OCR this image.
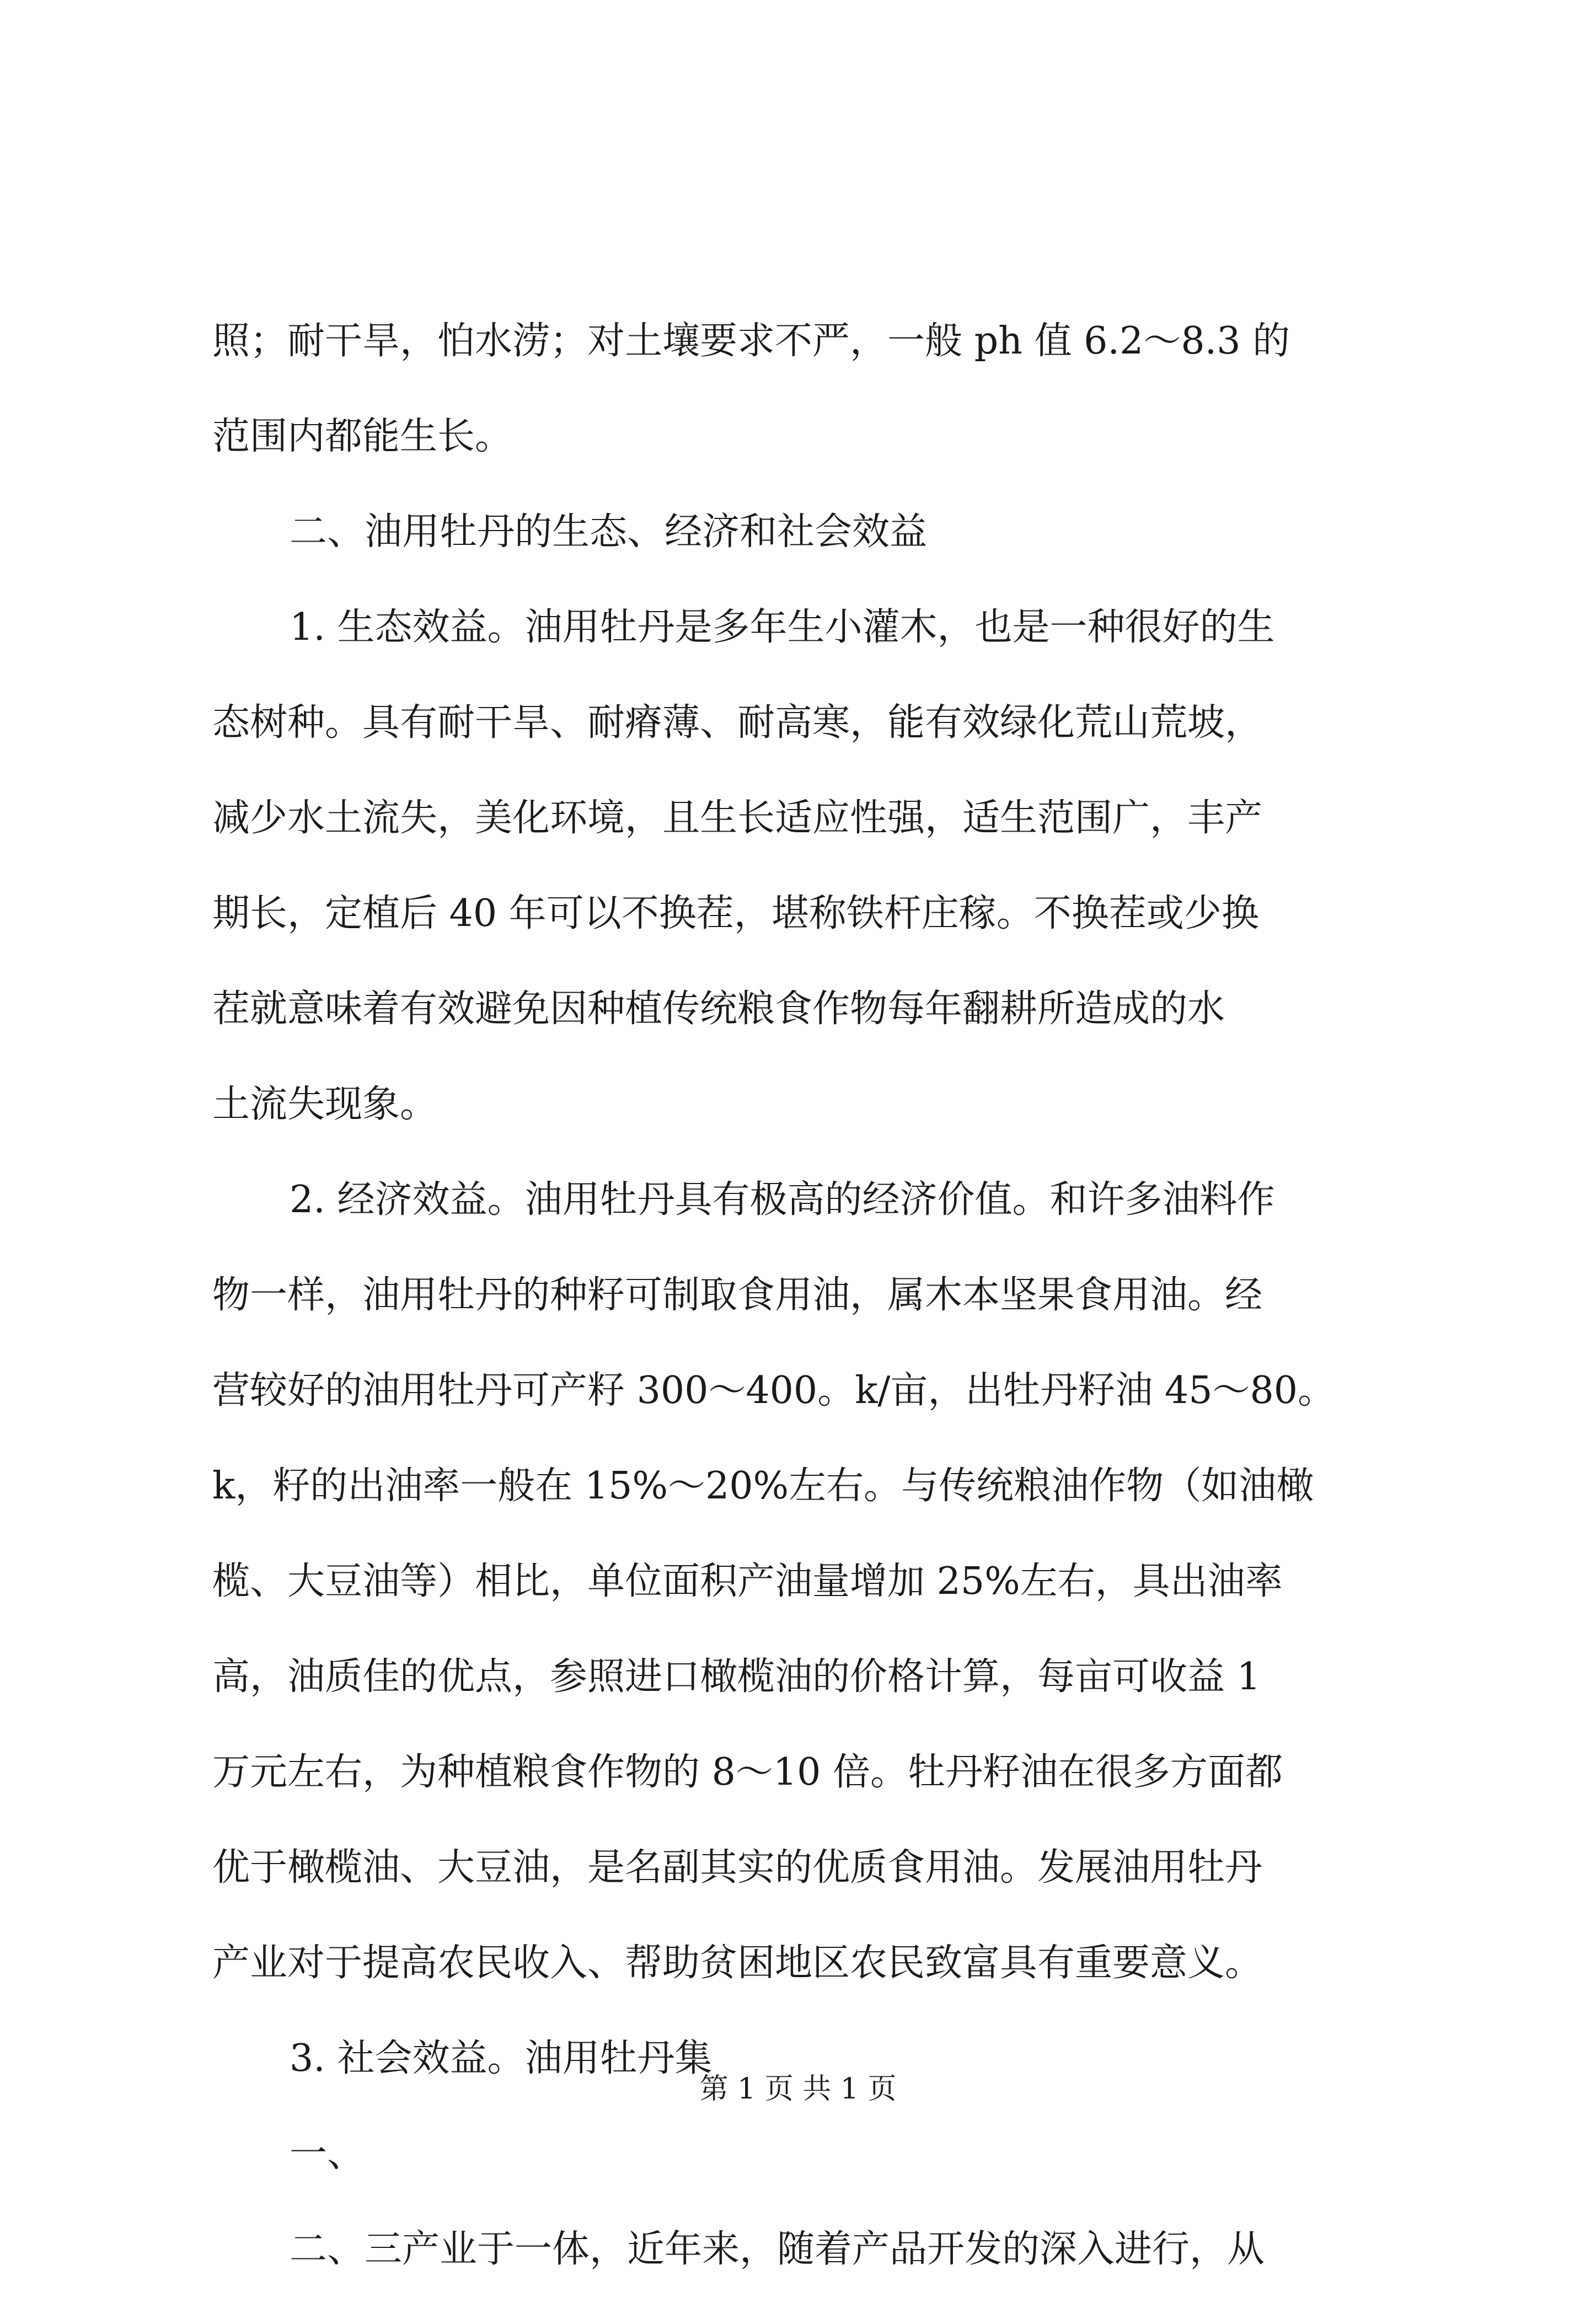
照；耐干旱，怕水涝；对土壤要求不严，一般 ph 值 6.2～8.3 的
范围内都能生长。
二、油用牡丹的生态、经济和社会效益
1. 生态效益。油用牡丹是多年生小灌木，也是一种很好的生
态树种。具有耐干旱、耐瘠薄、耐高寒，能有效绿化荒山荒坡，
减少水土流失，美化环境，且生长适应性强，适生范围广，丰产
期长，定植后 40 年可以不换茬，堪称铁杆庄稼。不换茬或少换
茬就意味着有效避免因种植传统粮食作物每年翻耕所造成的水
土流失现象。
2. 经济效益。油用牡丹具有极高的经济价值。和许多油料作
物一样，油用牡丹的种籽可制取食用油，属木本坚果食用油。经
营较好的油用牡丹可产籽 300～400。k/亩，出牡丹籽油 45～80。
k，籽的出油率一般在 15%～20%左右。与传统粮油作物（如油橄
榄、大豆油等）相比，单位面积产油量增加 25%左右，具出油率
高，油质佳的优点，参照进口橄榄油的价格计算，每亩可收益 1
万元左右，为种植粮食作物的 8～10 倍。牡丹籽油在很多方面都
优于橄榄油、大豆油，是名副其实的优质食用油。发展油用牡丹
产业对于提高农民收入、帮助贫困地区农民致富具有重要意义。
3. 社会效益。油用牡丹集
一、
二、三产业于一体，近年来，随着产品开发的深入进行，从
第 1 页 共 1 页
